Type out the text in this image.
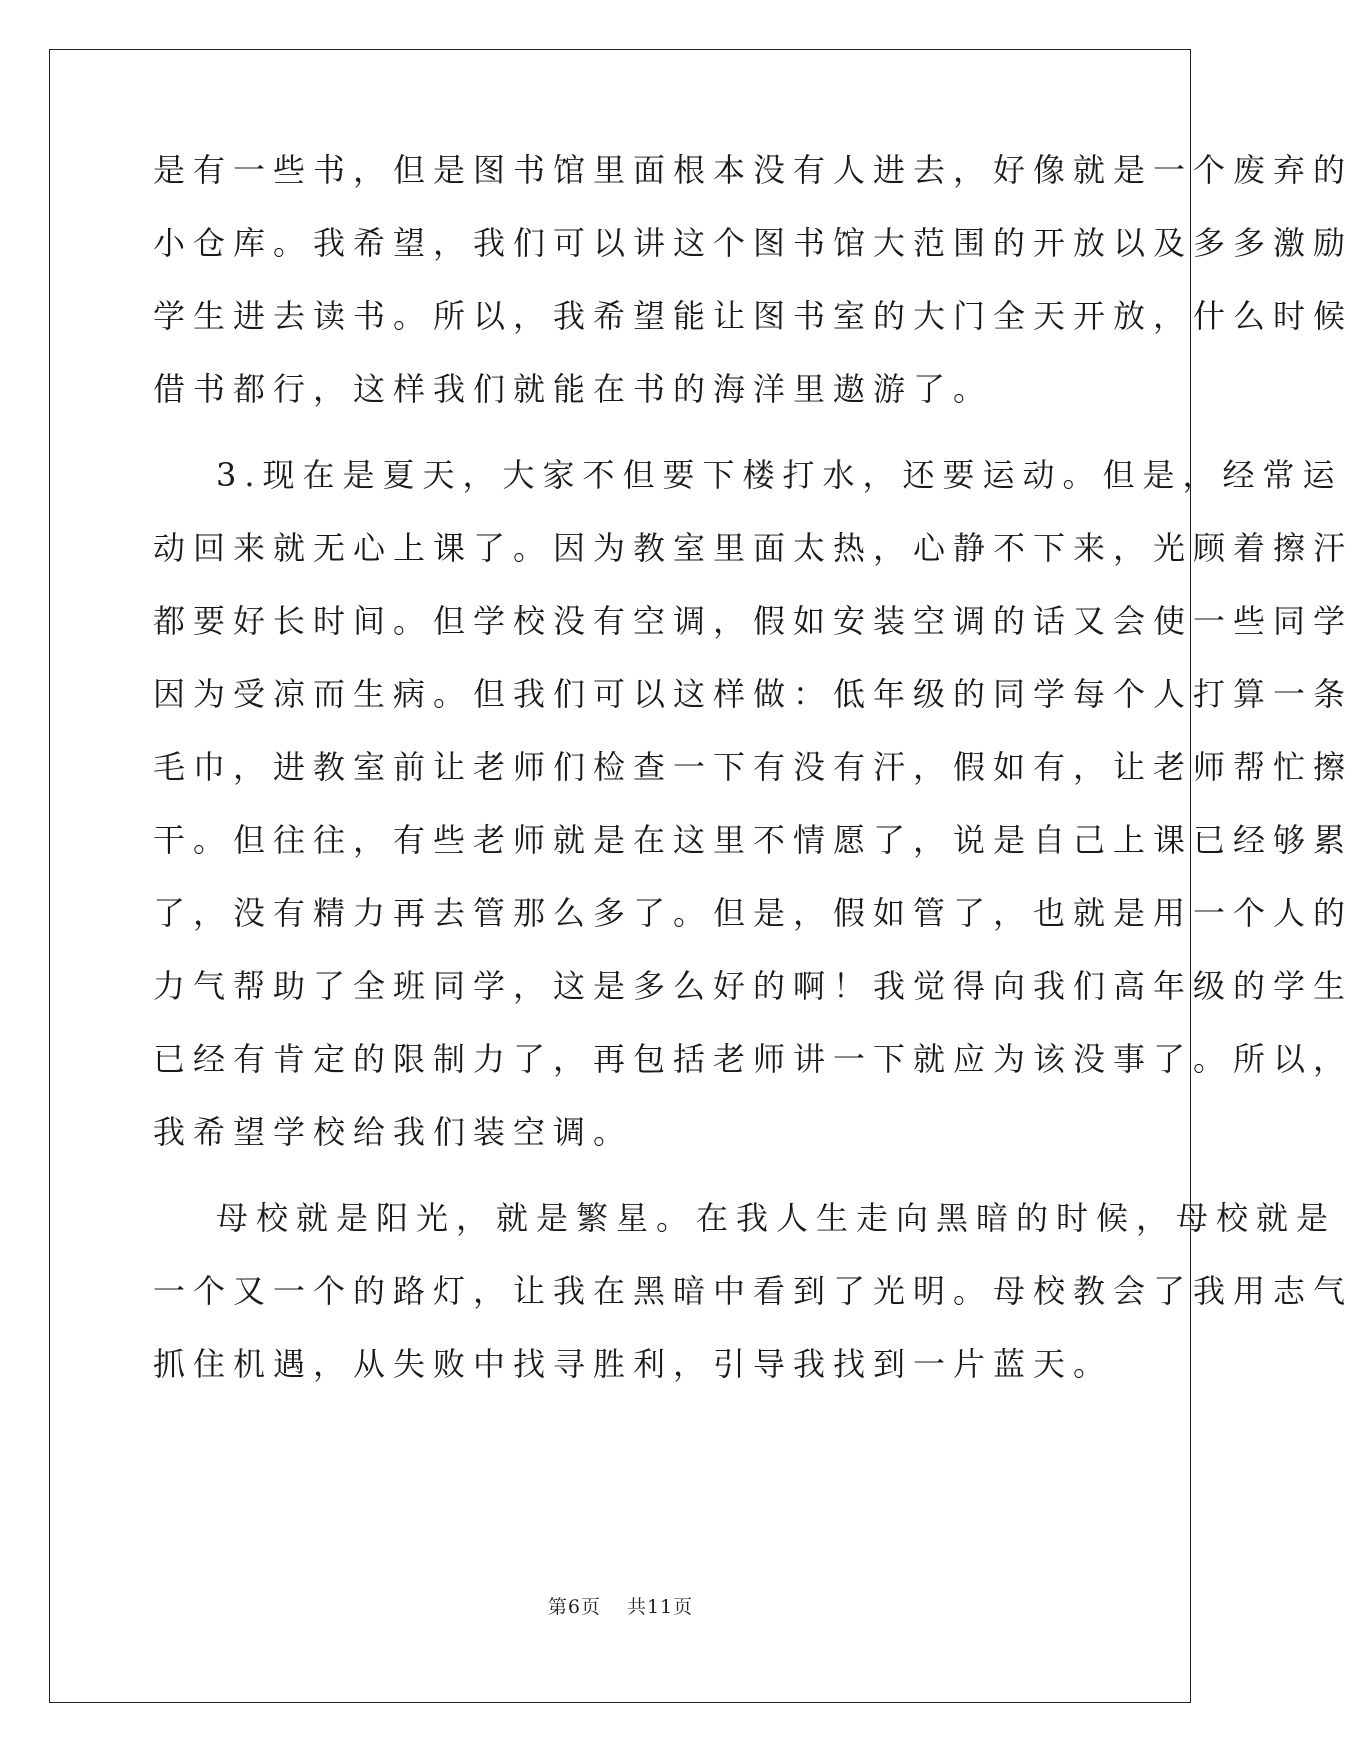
是有一些书，但是图书馆里面根本没有人进去，好像就是一个废弃的
小仓库。我希望，我们可以讲这个图书馆大范围的开放以及多多激励
学生进去读书。所以，我希望能让图书室的大门全天开放，什么时候
借书都行，这样我们就能在书的海洋里遨游了。
3.现在是夏天，大家不但要下楼打水，还要运动。但是，经常运
动回来就无心上课了。因为教室里面太热，心静不下来，光顾着擦汗
都要好长时间。但学校没有空调，假如安装空调的话又会使一些同学
因为受凉而生病。但我们可以这样做：低年级的同学每个人打算一条
毛巾，进教室前让老师们检查一下有没有汗，假如有，让老师帮忙擦
干。但往往，有些老师就是在这里不情愿了，说是自己上课已经够累
了，没有精力再去管那么多了。但是，假如管了，也就是用一个人的
力气帮助了全班同学，这是多么好的啊！我觉得向我们高年级的学生
已经有肯定的限制力了，再包括老师讲一下就应为该没事了。所以，
我希望学校给我们装空调。
母校就是阳光，就是繁星。在我人生走向黑暗的时候，母校就是
一个又一个的路灯，让我在黑暗中看到了光明。母校教会了我用志气
抓住机遇，从失败中找寻胜利，引导我找到一片蓝天。
第6页 共11页
